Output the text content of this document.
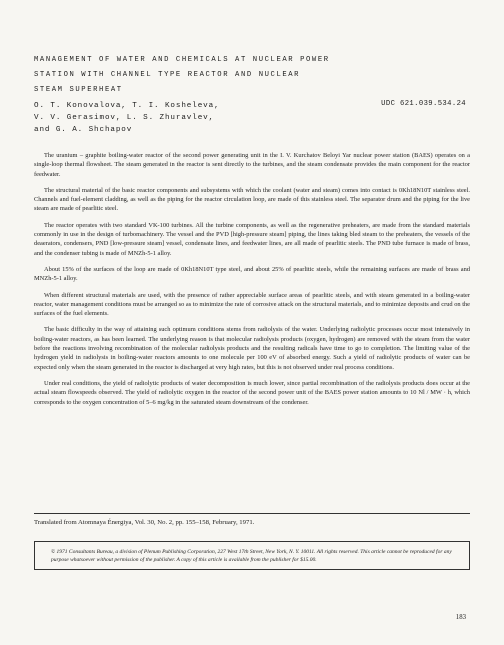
MANAGEMENT OF WATER AND CHEMICALS AT NUCLEAR POWER
STATION WITH CHANNEL TYPE REACTOR AND NUCLEAR
STEAM SUPERHEAT
O. T. Konovalova, T. I. Kosheleva,
V. V. Gerasimov, L. S. Zhuravlev,
and G. A. Shchapov
UDC 621.039.534.24

The uranium – graphite boiling-water reactor of the second power generating unit in the I. V. Kurchatov Beloyi Yar nuclear power station (BAES) operates on a single-loop thermal flowsheet. The steam generated in the reactor is sent directly to the turbines, and the steam condensate provides the main component for the reactor feedwater.

The structural material of the basic reactor components and subsystems with which the coolant (water and steam) comes into contact is 0Kh18N10T stainless steel. Channels and fuel-element cladding, as well as the piping for the reactor circulation loop, are made of this stainless steel. The separator drum and the piping for the live steam are made of pearlitic steel.

The reactor operates with two standard VK-100 turbines. All the turbine components, as well as the regenerative preheaters, are made from the standard materials commonly in use in the design of turbomachinery. The vessel and the PVD [high-pressure steam] piping, the lines taking bled steam to the preheaters, the vessels of the deaerators, condensers, PND [low-pressure steam] vessel, condensate lines, and feedwater lines, are all made of pearlitic steels. The PND tube furnace is made of brass, and the condenser tubing is made of MNZh-5-1 alloy.

About 15% of the surfaces of the loop are made of 0Kh18N10T type steel, and about 25% of pearlitic steels, while the remaining surfaces are made of brass and MNZh-5-1 alloy.

When different structural materials are used, with the presence of rather appreciable surface areas of pearlitic steels, and with steam generated in a boiling-water reactor, water management conditions must be arranged so as to minimize the rate of corrosive attack on the structural materials, and to minimize deposits and crud on the surfaces of the fuel elements.

The basic difficulty in the way of attaining such optimum conditions stems from radiolysis of the water. Underlying radiolytic processes occur most intensively in boiling-water reactors, as has been learned. The underlying reason is that molecular radiolysis products (oxygen, hydrogen) are removed with the steam from the water before the reactions involving recombination of the molecular radiolysis products and the resulting radicals have time to go to completion. The limiting value of the hydrogen yield in radiolysis in boiling-water reactors amounts to one molecule per 100 eV of absorbed energy. Such a yield of radiolytic products of water can be expected only when the steam generated in the reactor is discharged at very high rates, but this is not observed under real process conditions.

Under real conditions, the yield of radiolytic products of water decomposition is much lower, since partial recombination of the radiolysis products does occur at the actual steam flowspeeds observed. The yield of radiolytic oxygen in the reactor of the second power unit of the BAES power station amounts to 10 Nl / MW · h, which corresponds to the oxygen concentration of 5–6 mg/kg in the saturated steam downstream of the condenser.

Translated from Atomnaya Énergiya, Vol. 30, No. 2, pp. 155–158, February, 1971.
© 1971 Consultants Bureau, a division of Plenum Publishing Corporation, 227 West 17th Street, New York, N. Y. 10011. All rights reserved. This article cannot be reproduced for any purpose whatsoever without permission of the publisher. A copy of this article is available from the publisher for $15.00.
183
